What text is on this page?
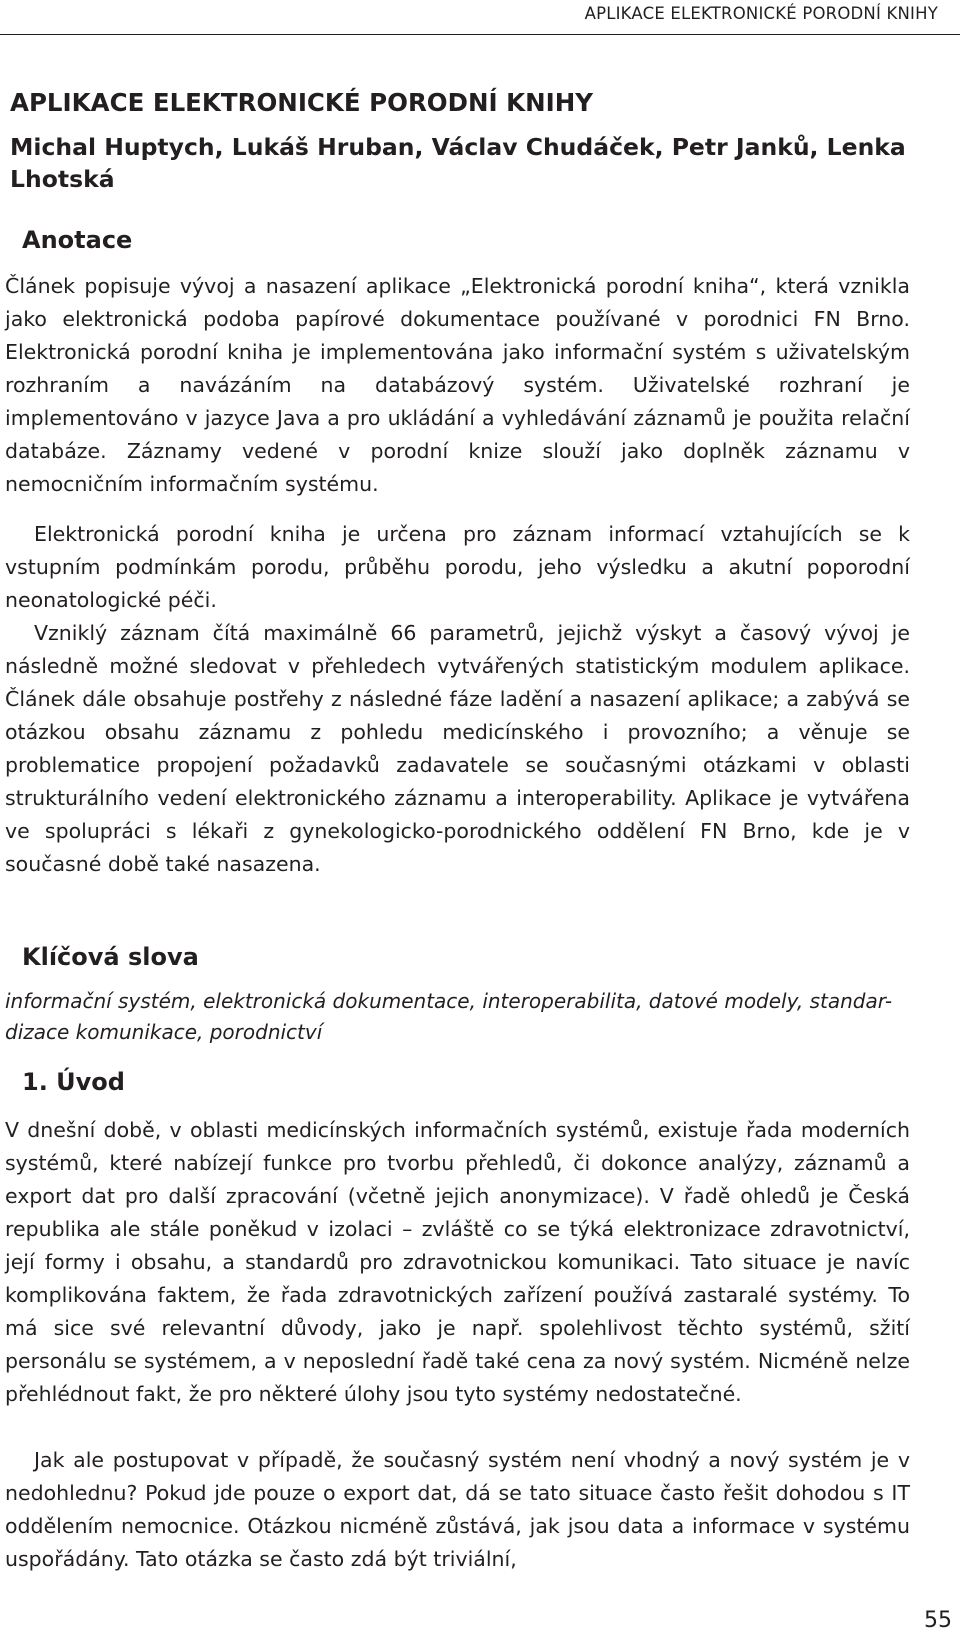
APLIKACE ELEKTRONICKÉ PORODNÍ KNIHY
APLIKACE ELEKTRONICKÉ PORODNÍ KNIHY
Michal Huptych, Lukáš Hruban, Václav Chudáček, Petr Janků, Lenka Lhotská
Anotace

Článek popisuje vývoj a nasazení aplikace „Elektronická porodní kniha“, která vznikla jako elektronická podoba papírové dokumentace používané v porodnici FN Brno. Elektronická porodní kniha je implementována jako informační systém s uživatelským rozhraním a navázáním na databázový systém. Uživatelské rozhraní je implementováno v jazyce Java a pro ukládání a vyhledávání záznamů je použita relační databáze. Záznamy vedené v porodní knize slouží jako doplněk záznamu v nemocničním informačním systému.

Elektronická porodní kniha je určena pro záznam informací vztahujících se k vstupním podmínkám porodu, průběhu porodu, jeho výsledku a akutní poporodní neonatologické péči.

Vzniklý záznam čítá maximálně 66 parametrů, jejichž výskyt a časový vývoj je následně možné sledovat v přehledech vytvářených statistickým modulem aplikace. Článek dále obsahuje postřehy z následné fáze ladění a nasazení aplikace; a zabývá se otázkou obsahu záznamu z pohledu medicínského i provozního; a věnuje se problematice propojení požadavků zadavatele se současnými otázkami v oblasti strukturálního vedení elektronického záznamu a interoperability. Aplikace je vytvářena ve spolupráci s lékaři z gynekologicko-porodnického oddělení FN Brno, kde je v současné době také nasazena.

Klíčová slova

informační systém, elektronická dokumentace, interoperabilita, datové modely, standar-dizace komunikace, porodnictví

1. Úvod

V dnešní době, v oblasti medicínských informačních systémů, existuje řada moderních systémů, které nabízejí funkce pro tvorbu přehledů, či dokonce analýzy, záznamů a export dat pro další zpracování (včetně jejich anonymizace). V řadě ohledů je Česká republika ale stále poněkud v izolaci – zvláště co se týká elektronizace zdravotnictví, její formy i obsahu, a standardů pro zdravotnickou komunikaci. Tato situace je navíc komplikována faktem, že řada zdravotnických zařízení používá zastaralé systémy. To má sice své relevantní důvody, jako je např. spolehlivost těchto systémů, sžití personálu se systémem, a v neposlední řadě také cena za nový systém. Nicméně nelze přehlédnout fakt, že pro některé úlohy jsou tyto systémy nedostatečné.

Jak ale postupovat v případě, že současný systém není vhodný a nový systém je v nedohlednu? Pokud jde pouze o export dat, dá se tato situace často řešit dohodou s IT oddělením nemocnice. Otázkou nicméně zůstává, jak jsou data a informace v systému uspořádány. Tato otázka se často zdá být triviální,

55
